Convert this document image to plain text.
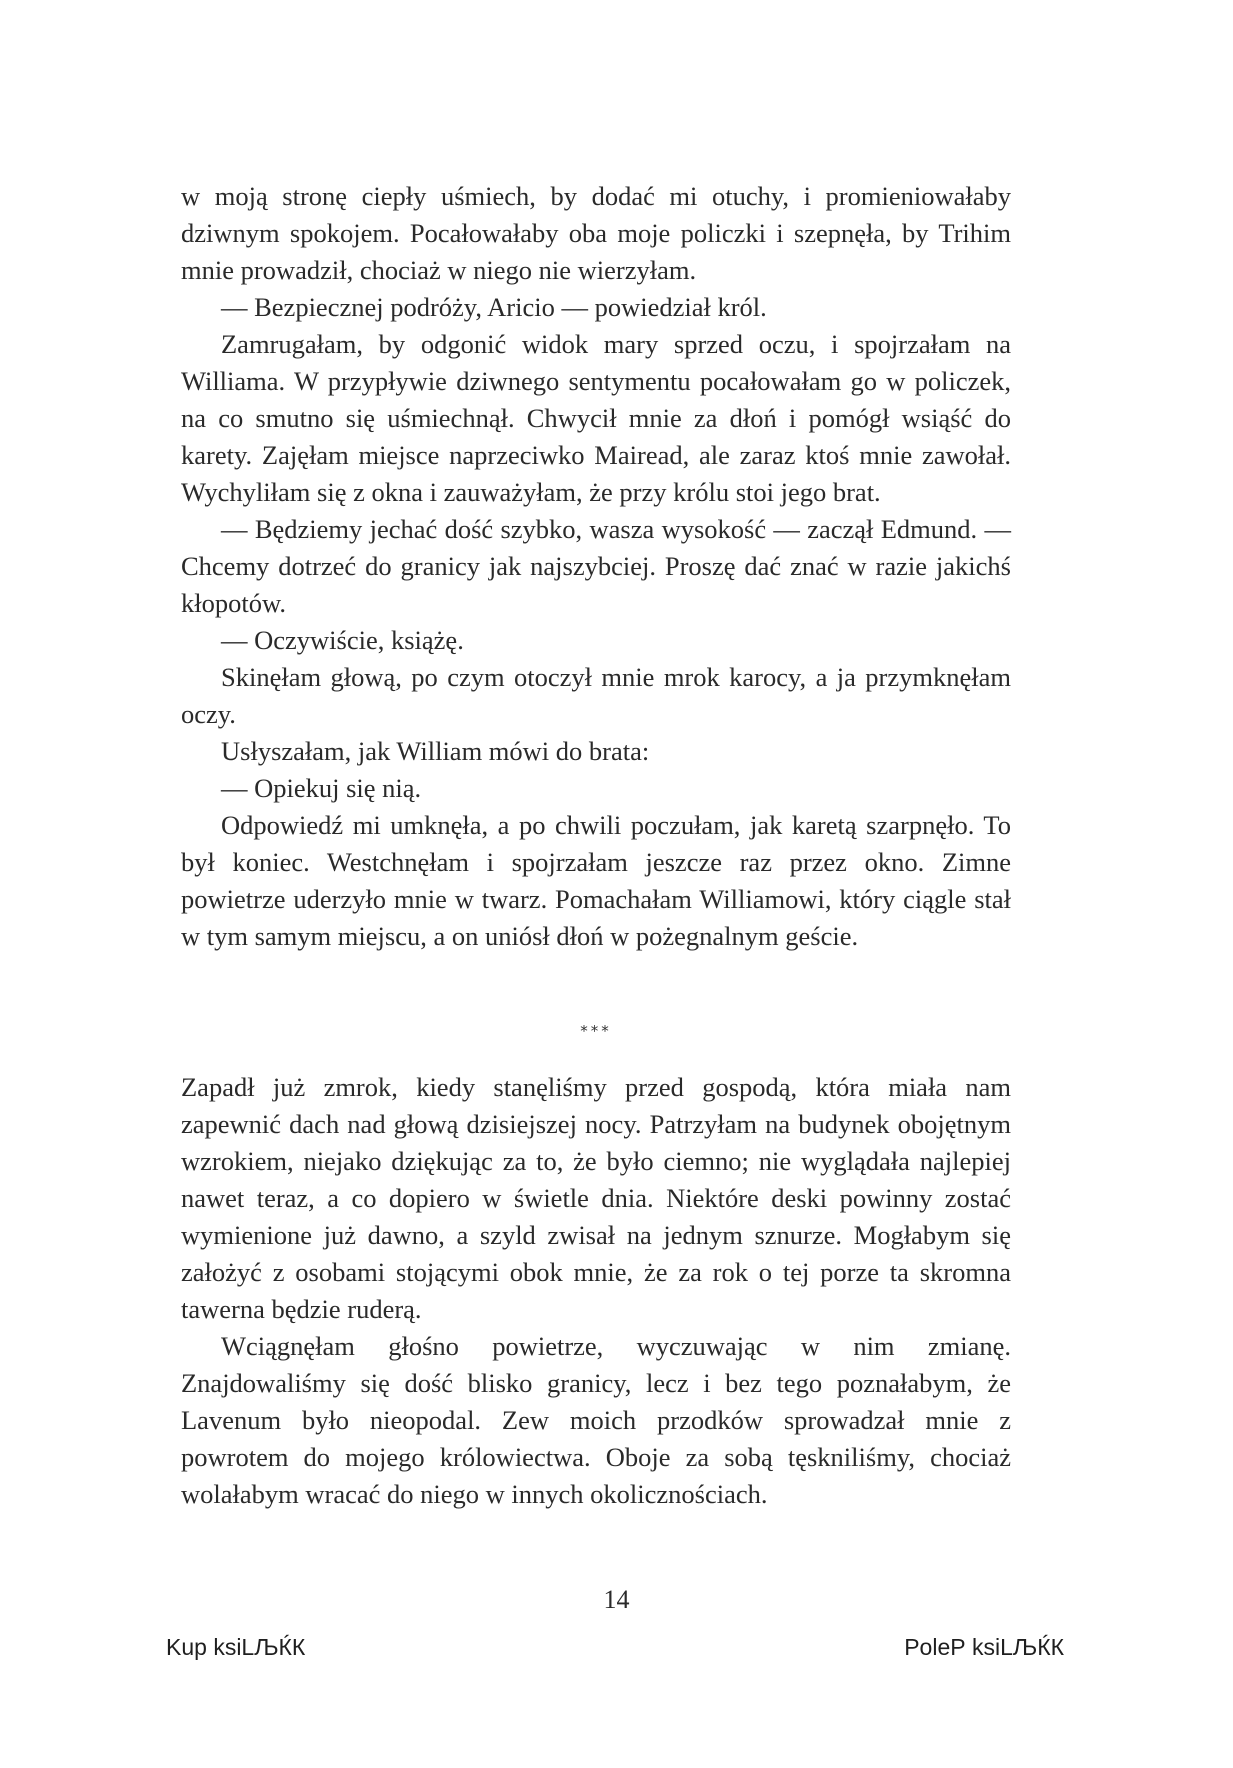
w moją stronę ciepły uśmiech, by dodać mi otuchy, i promieniowałaby dziwnym spokojem. Pocałowałaby oba moje policzki i szepnęła, by Trihim mnie prowadził, chociaż w niego nie wierzyłam.

— Bezpiecznej podróży, Aricio — powiedział król.

Zamrugałam, by odgonić widok mary sprzed oczu, i spojrzałam na Williama. W przypływie dziwnego sentymentu pocałowałam go w policzek, na co smutno się uśmiechnął. Chwycił mnie za dłoń i pomógł wsiąść do karety. Zajęłam miejsce naprzeciwko Mairead, ale zaraz ktoś mnie zawołał. Wychyliłam się z okna i zauważyłam, że przy królu stoi jego brat.

— Będziemy jechać dość szybko, wasza wysokość — zaczął Edmund. — Chcemy dotrzeć do granicy jak najszybciej. Proszę dać znać w razie jakichś kłopotów.

— Oczywiście, książę.

Skinęłam głową, po czym otoczył mnie mrok karocy, a ja przymknęłam oczy.

Usłyszałam, jak William mówi do brata:

— Opiekuj się nią.

Odpowiedź mi umknęła, a po chwili poczułam, jak karetą szarpnęło. To był koniec. Westchnęłam i spojrzałam jeszcze raz przez okno. Zimne powietrze uderzyło mnie w twarz. Pomachałam Williamowi, który ciągle stał w tym samym miejscu, a on uniósł dłoń w pożegnalnym geście.

***

Zapadł już zmrok, kiedy stanęliśmy przed gospodą, która miała nam zapewnić dach nad głową dzisiejszej nocy. Patrzyłam na budynek obojętnym wzrokiem, niejako dziękując za to, że było ciemno; nie wyglądała najlepiej nawet teraz, a co dopiero w świetle dnia. Niektóre deski powinny zostać wymienione już dawno, a szyld zwisał na jednym sznurze. Mogłabym się założyć z osobami stojącymi obok mnie, że za rok o tej porze ta skromna tawerna będzie ruderą.

Wciągnęłam głośno powietrze, wyczuwając w nim zmianę. Znajdowaliśmy się dość blisko granicy, lecz i bez tego poznałabym, że Lavenum było nieopodal. Zew moich przodków sprowadzał mnie z powrotem do mojego królowiectwa. Oboje za sobą tęskniliśmy, chociaż wolałabym wracać do niego w innych okolicznościach.

14
Kup ksiLЉЌК	PoleР ksiLЉЌК
